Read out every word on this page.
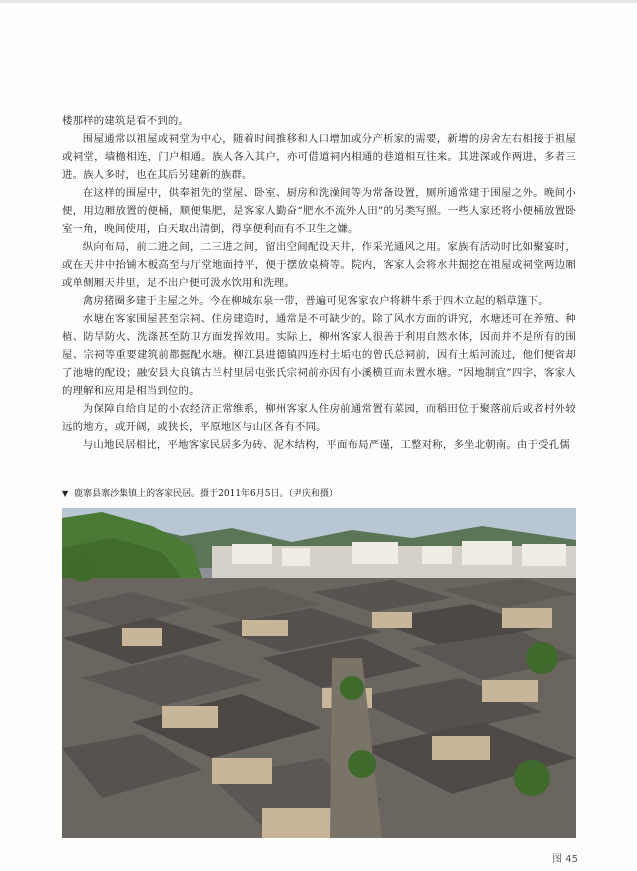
楼那样的建筑是看不到的。

围屋通常以祖屋或祠堂为中心，随着时间推移和人口增加或分产析家的需要，新增的房舍左右相接于祖屋或祠堂，墙檐相连，门户相通。族人各入其户，亦可借道祠内相通的巷道相互往来。其进深或作两进，多者三进。族人多时，也在其后另建新的族群。

在这样的围屋中，供奉祖先的堂屋、卧室、厨房和洗澡间等为常备设置，厕所通常建于围屋之外。晚间小便，用边厢放置的便桶，顺便集肥，是客家人勤奋“肥水不流外人田”的另类写照。一些人家还将小便桶放置卧室一角，晚间使用，白天取出清倒，得享便利而有不卫生之嫌。

纵向布局，前二进之间，二三进之间，留出空间配设天井，作采光通风之用。家族有活动时比如聚宴时，或在天井中抬铺木板高至与厅堂地面持平，便于摆放桌椅等。院内，客家人会将水井掘挖在祖屋或祠堂两边厢或单侧厢天井里，足不出户便可汲水饮用和洗理。

禽房猪圈多建于主屋之外。今在柳城东泉一带，普遍可见客家农户将耕牛系于四木立起的稻草篷下。

水塘在客家围屋甚至宗祠、住房建造时，通常是不可缺少的。除了风水方面的讲究，水塘还可在养殖、种植、防旱防火、洗涤甚至防卫方面发挥效用。实际上，柳州客家人很善于利用自然水体，因而并不是所有的围屋、宗祠等重要建筑前都掘配水塘。柳江县进德镇四连村土垢屯的曾氏总祠前，因有土垢河流过，他们便省却了池塘的配设；融安县大良镇古兰村里居屯张氏宗祠前亦因有小溪横亘而未置水塘。“因地制宜”四字，客家人的理解和应用是相当到位的。

为保障自给自足的小农经济正常维系，柳州客家人住房前通常置有菜园，而稻田位于聚落前后或者村外较远的地方，或开阔，或狭长，平原地区与山区各有不同。

与山地民居相比，平地客家民居多为砖、泥木结构，平面布局严谨，工整对称，多坐北朝南。由于受孔儒

▼ 鹿寨县寨沙集镇上的客家民居。摄于2011年6月5日。（尹庆和摄）
图 45
